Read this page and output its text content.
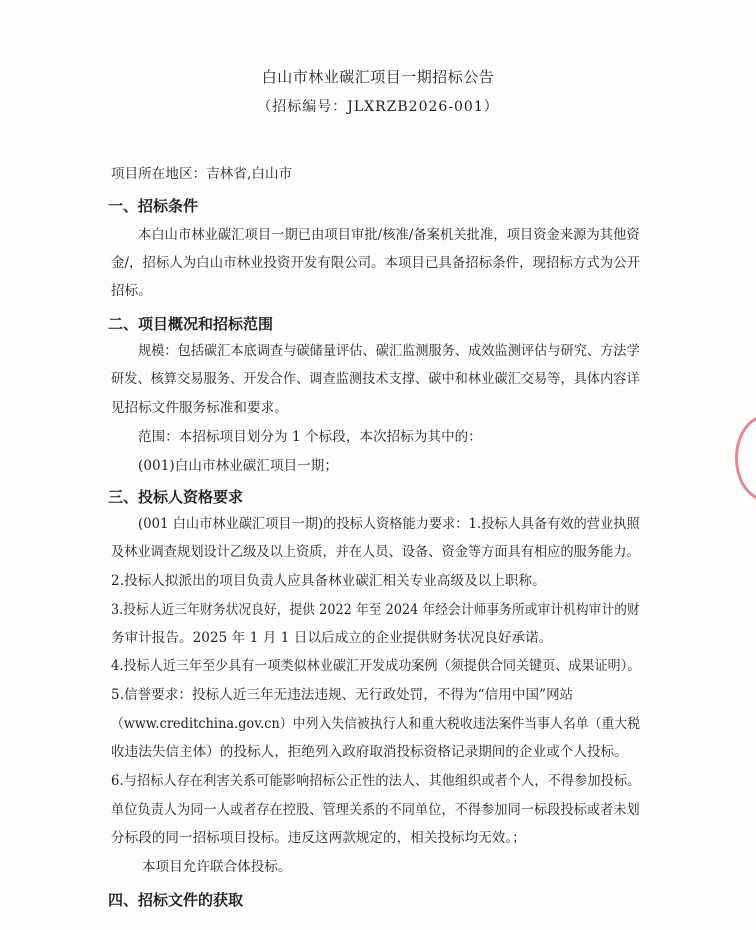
白山市林业碳汇项目一期招标公告
（招标编号：JLXRZB2026-001）
项目所在地区：吉林省,白山市
一、招标条件
本白山市林业碳汇项目一期已由项目审批/核准/备案机关批准，项目资金来源为其他资
金/，招标人为白山市林业投资开发有限公司。本项目已具备招标条件，现招标方式为公开
招标。
二、项目概况和招标范围
规模：包括碳汇本底调查与碳储量评估、碳汇监测服务、成效监测评估与研究、方法学
研发、核算交易服务、开发合作、调查监测技术支撑、碳中和林业碳汇交易等，具体内容详
见招标文件服务标准和要求。
范围：本招标项目划分为 1 个标段，本次招标为其中的：
(001)白山市林业碳汇项目一期；
三、投标人资格要求
(001 白山市林业碳汇项目一期)的投标人资格能力要求：1.投标人具备有效的营业执照
及林业调查规划设计乙级及以上资质，并在人员、设备、资金等方面具有相应的服务能力。
2.投标人拟派出的项目负责人应具备林业碳汇相关专业高级及以上职称。
3.投标人近三年财务状况良好，提供 2022 年至 2024 年经会计师事务所或审计机构审计的财
务审计报告。2025 年 1 月 1 日以后成立的企业提供财务状况良好承诺。
4.投标人近三年至少具有一项类似林业碳汇开发成功案例（须提供合同关键页、成果证明）。
5.信誉要求：投标人近三年无违法违规、无行政处罚，不得为“信用中国”网站
（www.creditchina.gov.cn）中列入失信被执行人和重大税收违法案件当事人名单（重大税
收违法失信主体）的投标人，拒绝列入政府取消投标资格记录期间的企业或个人投标。
6.与招标人存在利害关系可能影响招标公正性的法人、其他组织或者个人，不得参加投标。
单位负责人为同一人或者存在控股、管理关系的不同单位，不得参加同一标段投标或者未划
分标段的同一招标项目投标。违反这两款规定的，相关投标均无效。；
本项目允许联合体投标。
四、招标文件的获取
